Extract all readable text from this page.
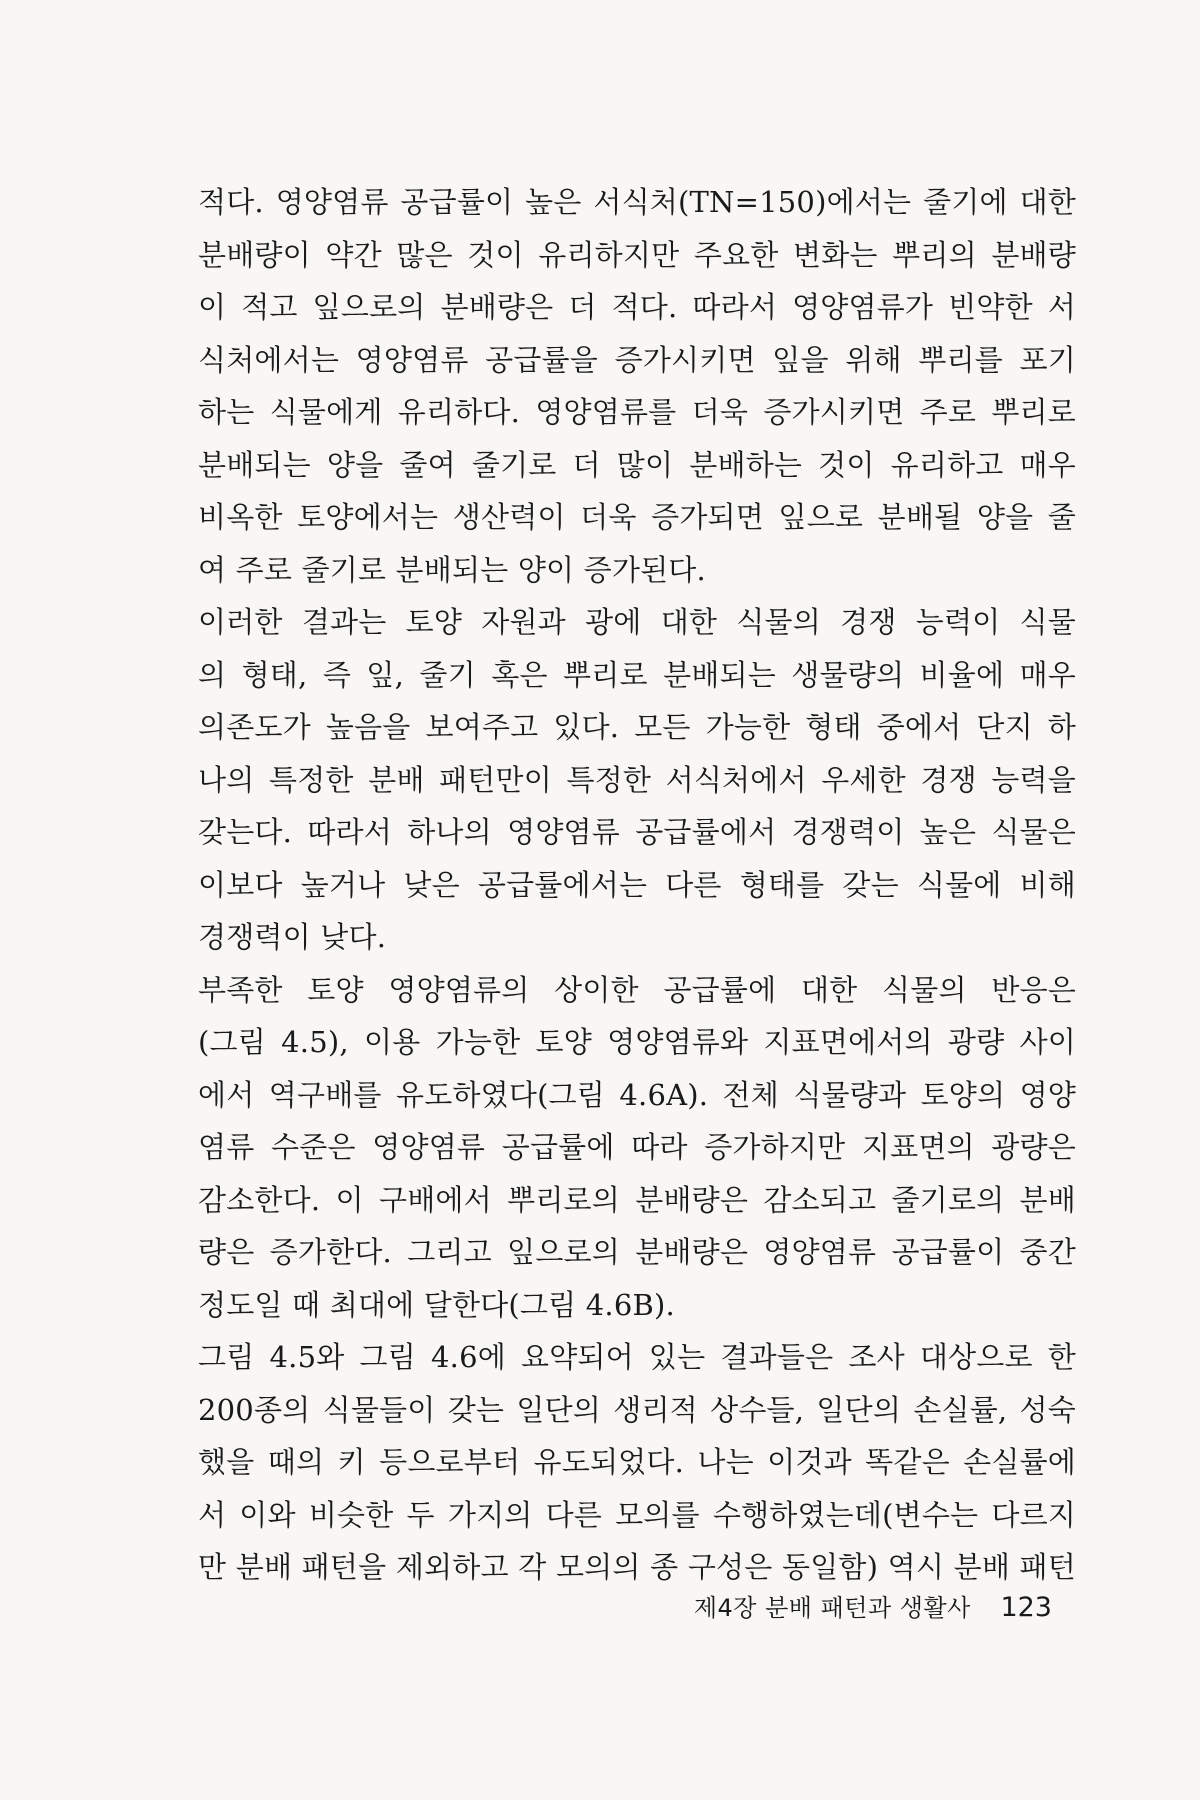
적다. 영양염류 공급률이 높은 서식처(TN=150)에서는 줄기에 대한
분배량이 약간 많은 것이 유리하지만 주요한 변화는 뿌리의 분배량
이 적고 잎으로의 분배량은 더 적다. 따라서 영양염류가 빈약한 서
식처에서는 영양염류 공급률을 증가시키면 잎을 위해 뿌리를 포기
하는 식물에게 유리하다. 영양염류를 더욱 증가시키면 주로 뿌리로
분배되는 양을 줄여 줄기로 더 많이 분배하는 것이 유리하고 매우
비옥한 토양에서는 생산력이 더욱 증가되면 잎으로 분배될 양을 줄
여 주로 줄기로 분배되는 양이 증가된다.
이러한 결과는 토양 자원과 광에 대한 식물의 경쟁 능력이 식물
의 형태, 즉 잎, 줄기 혹은 뿌리로 분배되는 생물량의 비율에 매우
의존도가 높음을 보여주고 있다. 모든 가능한 형태 중에서 단지 하
나의 특정한 분배 패턴만이 특정한 서식처에서 우세한 경쟁 능력을
갖는다. 따라서 하나의 영양염류 공급률에서 경쟁력이 높은 식물은
이보다 높거나 낮은 공급률에서는 다른 형태를 갖는 식물에 비해
경쟁력이 낮다.
부족한 토양 영양염류의 상이한 공급률에 대한 식물의 반응은
(그림 4.5), 이용 가능한 토양 영양염류와 지표면에서의 광량 사이
에서 역구배를 유도하였다(그림 4.6A). 전체 식물량과 토양의 영양
염류 수준은 영양염류 공급률에 따라 증가하지만 지표면의 광량은
감소한다. 이 구배에서 뿌리로의 분배량은 감소되고 줄기로의 분배
량은 증가한다. 그리고 잎으로의 분배량은 영양염류 공급률이 중간
정도일 때 최대에 달한다(그림 4.6B).
그림 4.5와 그림 4.6에 요약되어 있는 결과들은 조사 대상으로 한
200종의 식물들이 갖는 일단의 생리적 상수들, 일단의 손실률, 성숙
했을 때의 키 등으로부터 유도되었다. 나는 이것과 똑같은 손실률에
서 이와 비슷한 두 가지의 다른 모의를 수행하였는데(변수는 다르지
만 분배 패턴을 제외하고 각 모의의 종 구성은 동일함) 역시 분배 패턴
제4장 분배 패턴과 생활사 123
